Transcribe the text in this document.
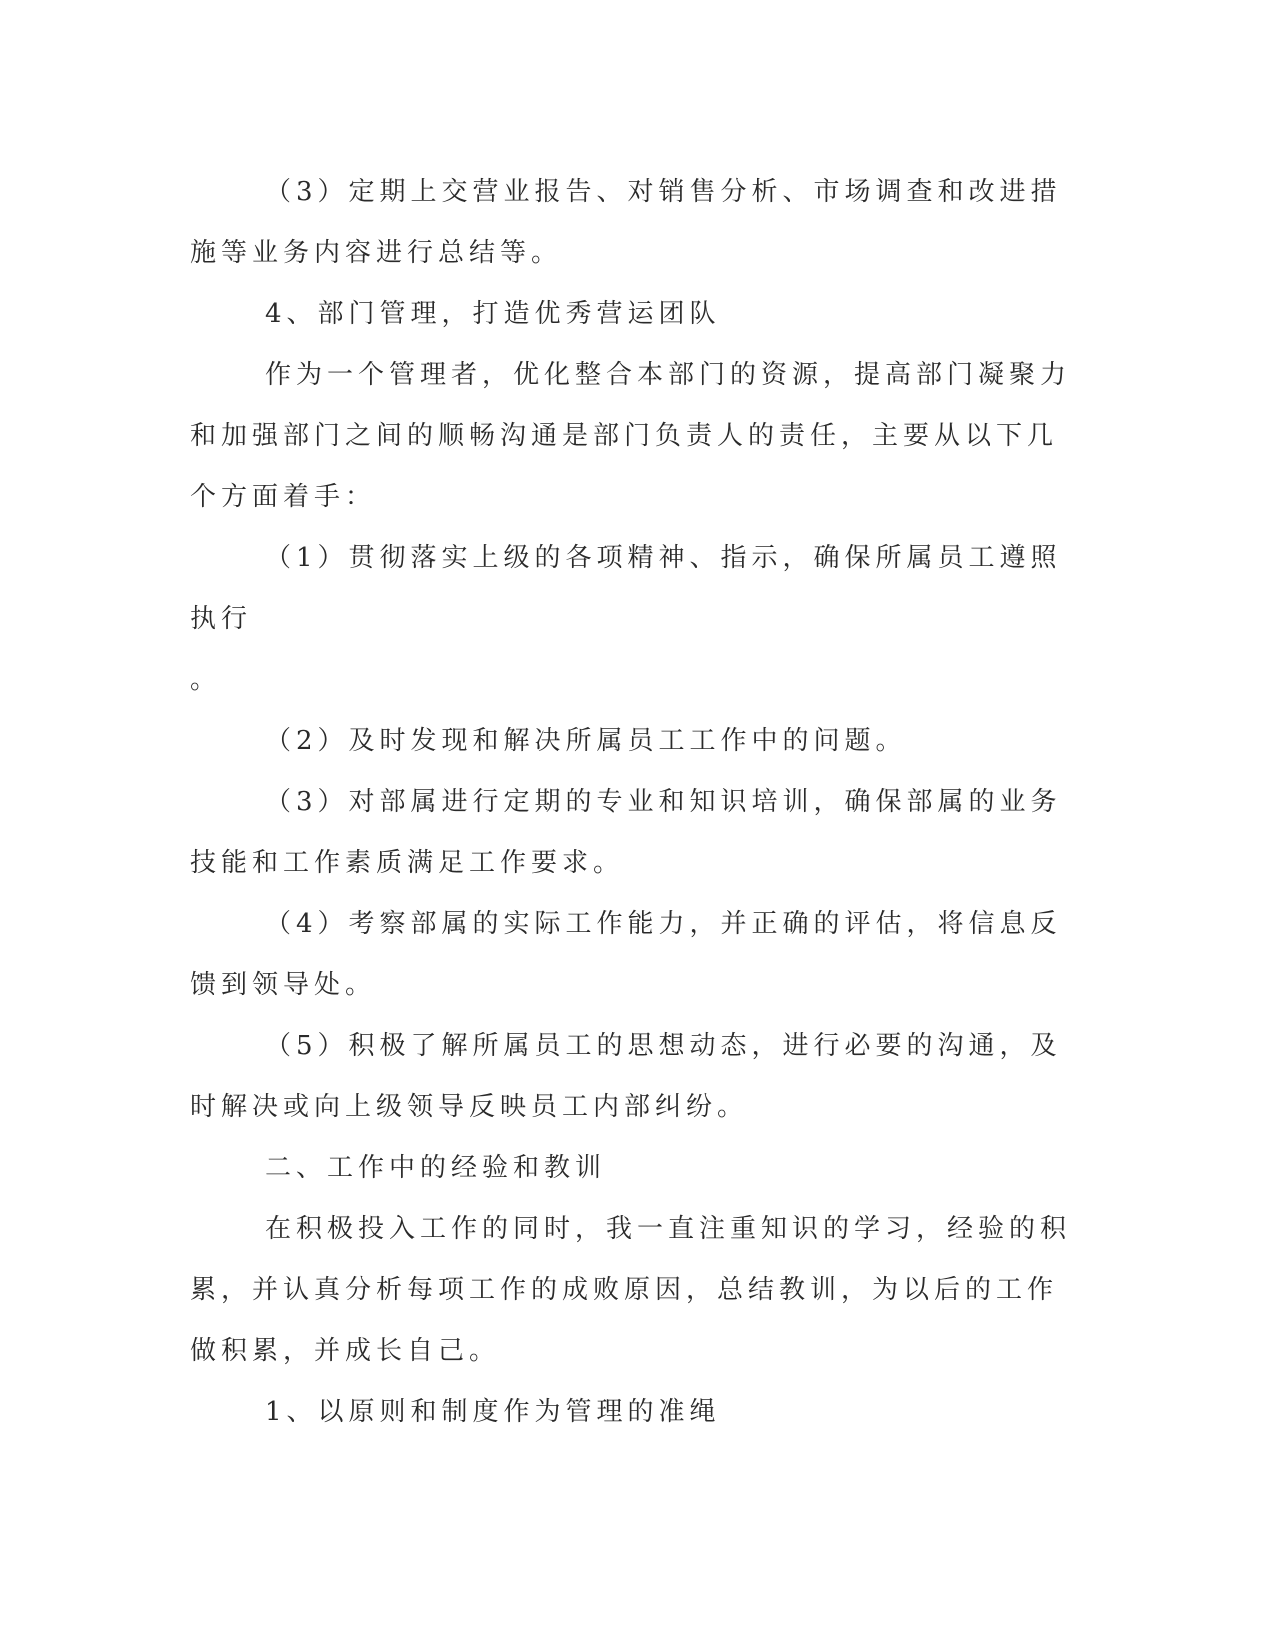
（3）定期上交营业报告、对销售分析、市场调查和改进措施等业务内容进行总结等。

4、部门管理，打造优秀营运团队

作为一个管理者，优化整合本部门的资源，提高部门凝聚力和加强部门之间的顺畅沟通是部门负责人的责任，主要从以下几个方面着手：

（1）贯彻落实上级的各项精神、指示，确保所属员工遵照执行

。

（2）及时发现和解决所属员工工作中的问题。

（3）对部属进行定期的专业和知识培训，确保部属的业务技能和工作素质满足工作要求。

（4）考察部属的实际工作能力，并正确的评估，将信息反馈到领导处。

（5）积极了解所属员工的思想动态，进行必要的沟通，及时解决或向上级领导反映员工内部纠纷。

二、工作中的经验和教训

在积极投入工作的同时，我一直注重知识的学习，经验的积累，并认真分析每项工作的成败原因，总结教训，为以后的工作做积累，并成长自己。

1、以原则和制度作为管理的准绳
